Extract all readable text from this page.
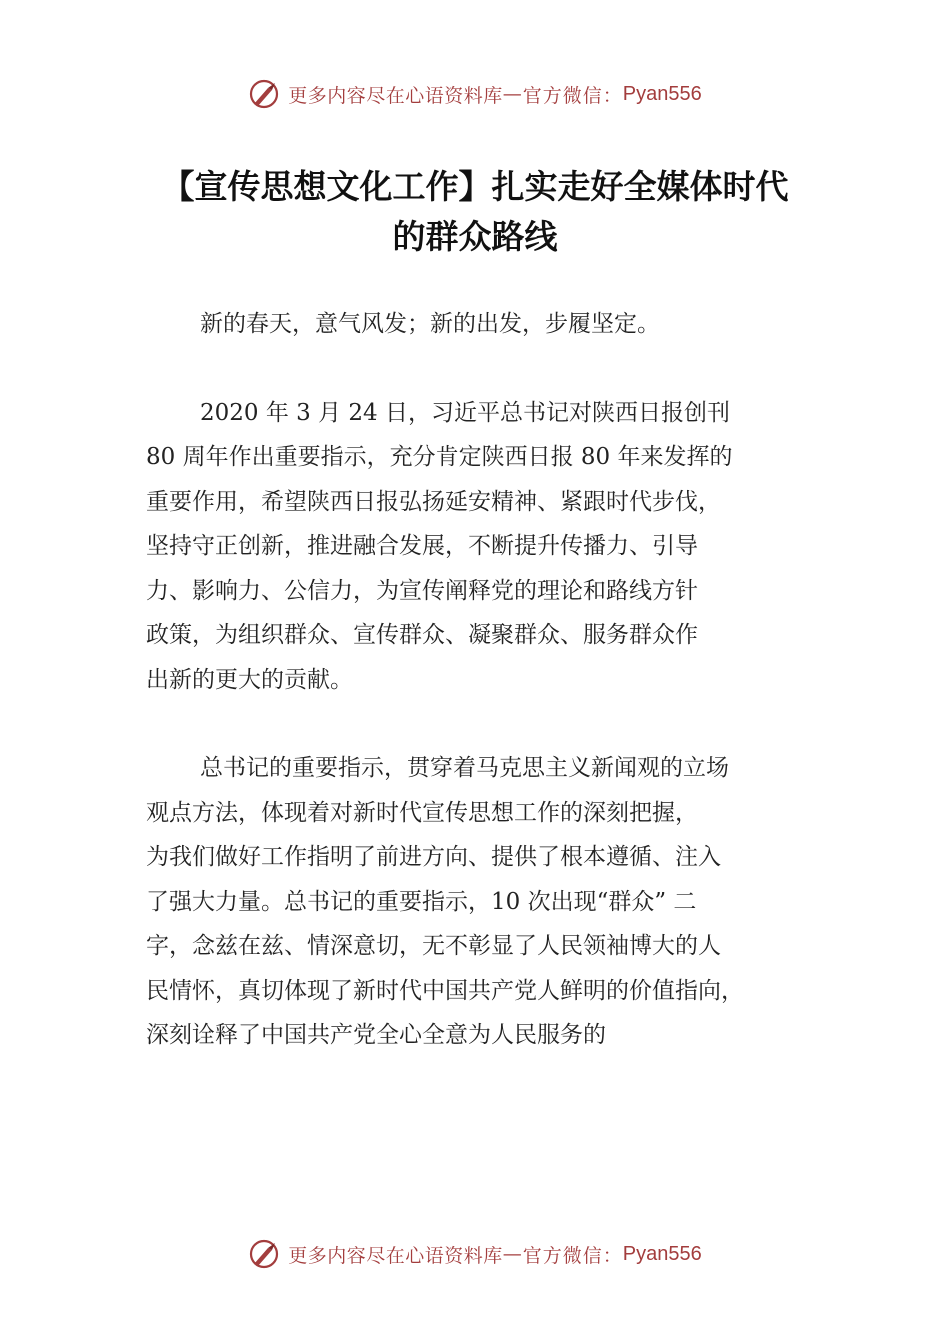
更多内容尽在心语资料库 — 官方微信： Pyan556
【宣传思想文化工作】扎实走好全媒体时代
的群众路线

新的春天，意气风发；新的出发，步履坚定。

2020 年 3 月 24 日，习近平总书记对陕西日报创刊
80 周年作出重要指示，充分肯定陕西日报 80 年来发挥的
重要作用，希望陕西日报弘扬延安精神、紧跟时代步伐，
坚持守正创新，推进融合发展，不断提升传播力、引导
力、影响力、公信力，为宣传阐释党的理论和路线方针
政策，为组织群众、宣传群众、凝聚群众、服务群众作
出新的更大的贡献。

总书记的重要指示，贯穿着马克思主义新闻观的立场
观点方法，体现着对新时代宣传思想工作的深刻把握，
为我们做好工作指明了前进方向、提供了根本遵循、注入
了强大力量。总书记的重要指示，10 次出现“群众” 二
字，念兹在兹、情深意切，无不彰显了人民领袖博大的人
民情怀，真切体现了新时代中国共产党人鲜明的价值指向，
深刻诠释了中国共产党全心全意为人民服务的

更多内容尽在心语资料库 — 官方微信： Pyan556
